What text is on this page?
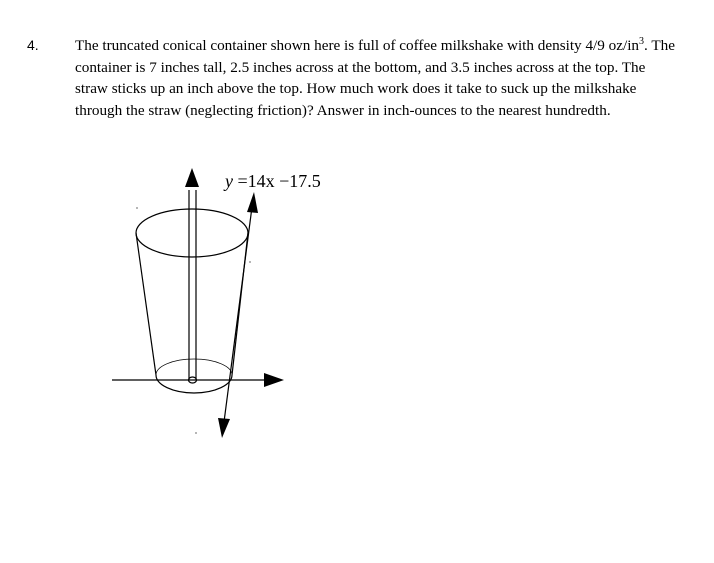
4. The truncated conical container shown here is full of coffee milkshake with density 4/9 $oz/in^3$. The container is 7 inches tall, 2.5 inches across at the bottom, and 3.5 inches across at the top. The straw sticks up an inch above the top. How much work does it take to suck up the milkshake through the straw (neglecting friction)? Answer in inch-ounces to the nearest hundredth.
y =14x −17.5
